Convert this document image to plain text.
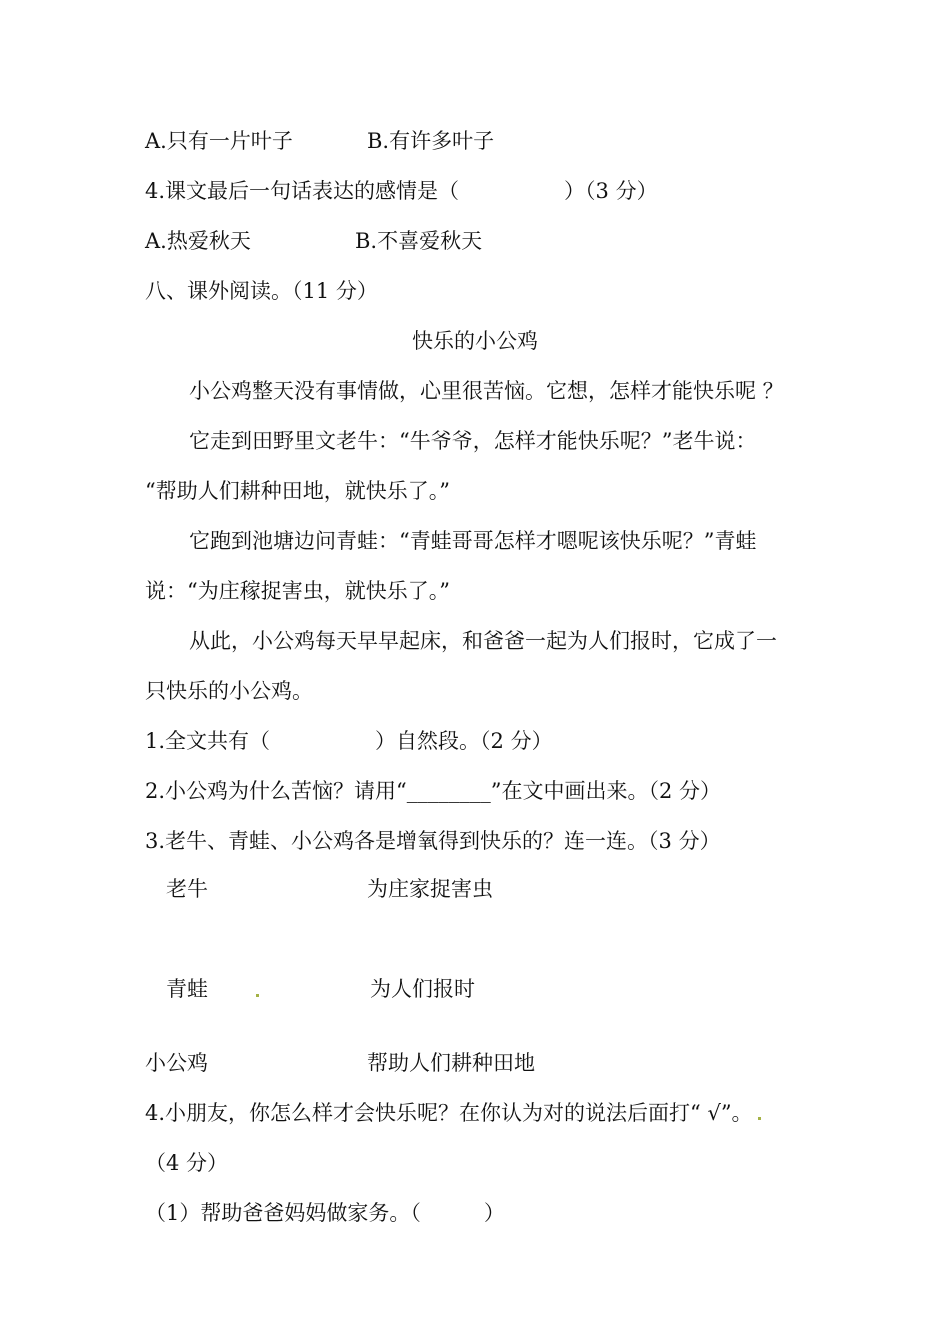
A.只有一片叶子	B.有许多叶子
4.课文最后一句话表达的感情是（　　　　　）（3 分）
A.热爱秋天	B.不喜爱秋天
八、课外阅读。（11 分）
快乐的小公鸡
小公鸡整天没有事情做，心里很苦恼。它想，怎样才能快乐呢 ？
它走到田野里文老牛：“牛爷爷，怎样才能快乐呢？”老牛说：
“帮助人们耕种田地，就快乐了。”
它跑到池塘边问青蛙：“青蛙哥哥怎样才嗯呢该快乐呢？”青蛙
说：“为庄稼捉害虫，就快乐了。”
从此，小公鸡每天早早起床，和爸爸一起为人们报时，它成了一
只快乐的小公鸡。
1.全文共有（　　　　　）自然段。（2 分）
2.小公鸡为什么苦恼？请用“________”在文中画出来。（2 分）
3.老牛、青蛙、小公鸡各是增氧得到快乐的？连一连。（3 分）
老牛	为庄家捉害虫
青蛙	为人们报时
小公鸡	帮助人们耕种田地
4.小朋友，你怎么样才会快乐呢？在你认为对的说法后面打“ √”。
（4 分）
（1）帮助爸爸妈妈做家务。（　　　）
